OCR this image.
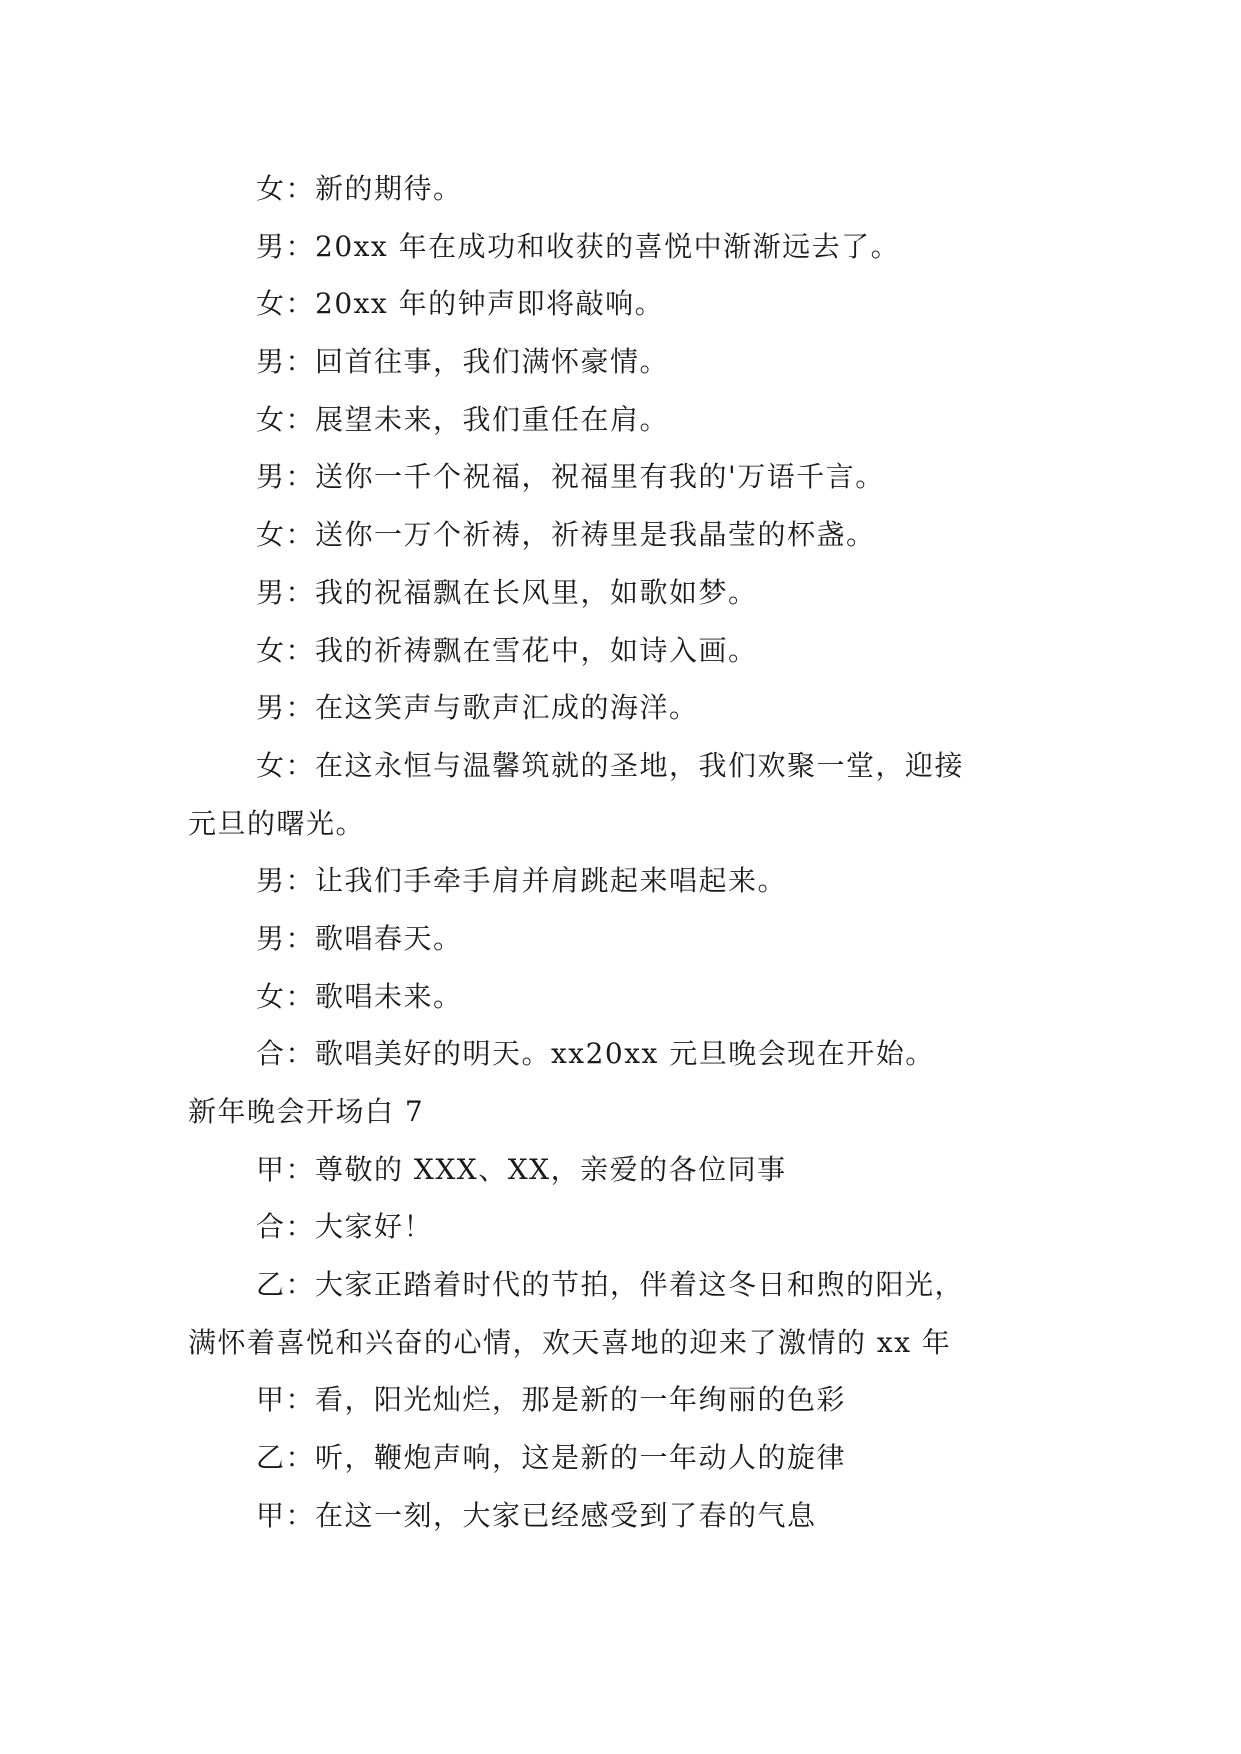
女：新的期待。
男：20xx 年在成功和收获的喜悦中渐渐远去了。
女：20xx 年的钟声即将敲响。
男：回首往事，我们满怀豪情。
女：展望未来，我们重任在肩。
男：送你一千个祝福，祝福里有我的'万语千言。
女：送你一万个祈祷，祈祷里是我晶莹的杯盏。
男：我的祝福飘在长风里，如歌如梦。
女：我的祈祷飘在雪花中，如诗入画。
男：在这笑声与歌声汇成的海洋。
女：在这永恒与温馨筑就的圣地，我们欢聚一堂，迎接
元旦的曙光。
男：让我们手牵手肩并肩跳起来唱起来。
男：歌唱春天。
女：歌唱未来。
合：歌唱美好的明天。xx20xx 元旦晚会现在开始。
新年晚会开场白 7
甲：尊敬的 XXX、XX，亲爱的各位同事
合：大家好！
乙：大家正踏着时代的节拍，伴着这冬日和煦的阳光，
满怀着喜悦和兴奋的心情，欢天喜地的迎来了激情的 xx 年
甲：看，阳光灿烂，那是新的一年绚丽的色彩
乙：听，鞭炮声响，这是新的一年动人的旋律
甲：在这一刻，大家已经感受到了春的气息
